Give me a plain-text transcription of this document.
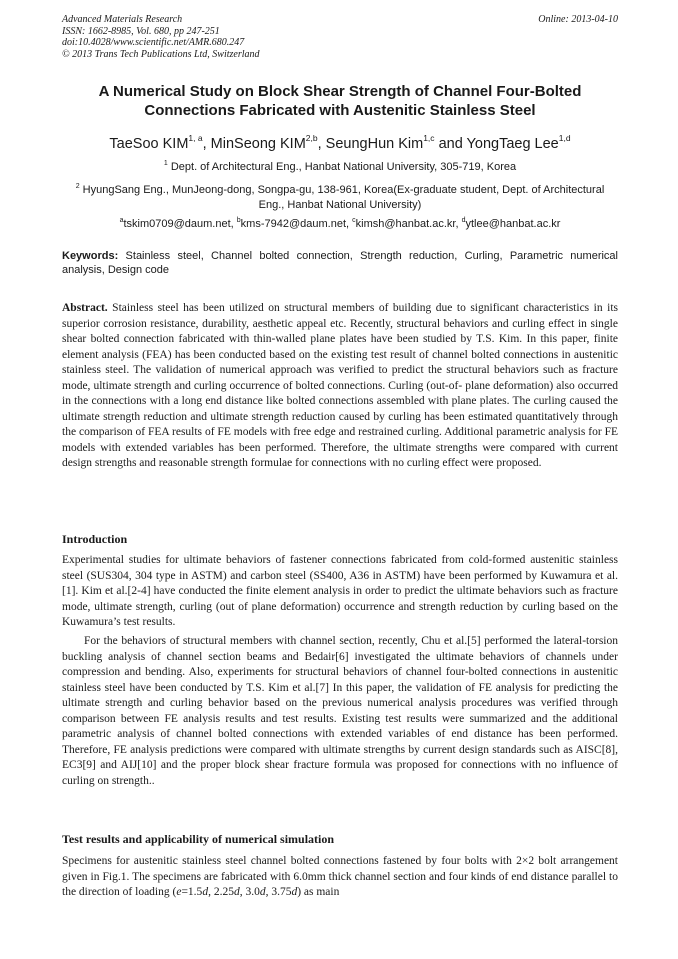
Advanced Materials Research
ISSN: 1662-8985, Vol. 680, pp 247-251
doi:10.4028/www.scientific.net/AMR.680.247
© 2013 Trans Tech Publications Ltd, Switzerland
Online: 2013-04-10
A Numerical Study on Block Shear Strength of Channel Four-Bolted
Connections Fabricated with Austenitic Stainless Steel
TaeSoo KIM$^{1, a}$, MinSeong KIM$^{2,b}$, SeungHun Kim$^{1,c}$ and YongTaeg Lee$^{1,d}$
$^1$ Dept. of Architectural Eng., Hanbat National University, 305-719, Korea
$^2$ HyungSang Eng., MunJeong-dong, Songpa-gu, 138-961, Korea(Ex-graduate student, Dept. of Architectural Eng., Hanbat National University)
$^a$tskim0709@daum.net, $^b$kms-7942@daum.net, $^c$kimsh@hanbat.ac.kr, $^d$ytlee@hanbat.ac.kr
Keywords: Stainless steel, Channel bolted connection, Strength reduction, Curling, Parametric numerical analysis, Design code
Abstract. Stainless steel has been utilized on structural members of building due to significant characteristics in its superior corrosion resistance, durability, aesthetic appeal etc. Recently, structural behaviors and curling effect in single shear bolted connection fabricated with thin-walled plane plates have been studied by T.S. Kim. In this paper, finite element analysis (FEA) has been conducted based on the existing test result of channel bolted connections in austenitic stainless steel. The validation of numerical approach was verified to predict the structural behaviors such as fracture mode, ultimate strength and curling occurrence of bolted connections. Curling (out-of- plane deformation) also occurred in the connections with a long end distance like bolted connections assembled with plane plates. The curling caused the ultimate strength reduction and ultimate strength reduction caused by curling has been estimated quantitatively through the comparison of FEA results of FE models with free edge and restrained curling. Additional parametric analysis for FE models with extended variables has been performed. Therefore, the ultimate strengths were compared with current design strengths and reasonable strength formulae for connections with no curling effect were proposed.
Introduction
Experimental studies for ultimate behaviors of fastener connections fabricated from cold-formed austenitic stainless steel (SUS304, 304 type in ASTM) and carbon steel (SS400, A36 in ASTM) have been performed by Kuwamura et al.[1]. Kim et al.[2-4] have conducted the finite element analysis in order to predict the ultimate behaviors such as fracture mode, ultimate strength, curling (out of plane deformation) occurrence and strength reduction by curling based on the Kuwamura’s test results.
For the behaviors of structural members with channel section, recently, Chu et al.[5] performed the lateral-torsion buckling analysis of channel section beams and Bedair[6] investigated the ultimate behaviors of channels under compression and bending. Also, experiments for structural behaviors of channel four-bolted connections in austenitic stainless steel have been conducted by T.S. Kim et al.[7] In this paper, the validation of FE analysis for predicting the ultimate strength and curling behavior based on the previous numerical analysis procedures was verified through comparison between FE analysis results and test results. Existing test results were summarized and the additional parametric analysis of channel bolted connections with extended variables of end distance has been performed. Therefore, FE analysis predictions were compared with ultimate strengths by current design standards such as AISC[8], EC3[9] and AIJ[10] and the proper block shear fracture formula was proposed for connections with no influence of curling on strength..
Test results and applicability of numerical simulation
Specimens for austenitic stainless steel channel bolted connections fastened by four bolts with 2×2 bolt arrangement given in Fig.1. The specimens are fabricated with 6.0mm thick channel section and four kinds of end distance parallel to the direction of loading (e=1.5d, 2.25d, 3.0d, 3.75d) as main
